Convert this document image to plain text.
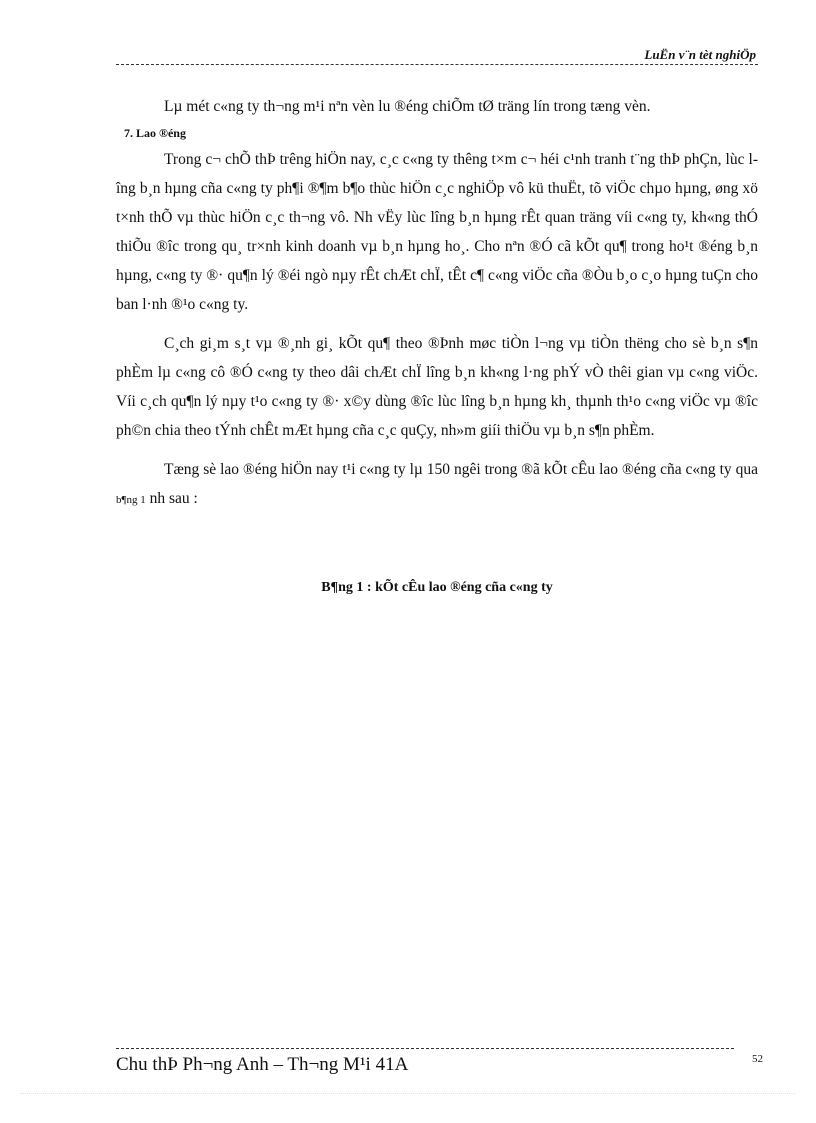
LuËn v¨n tèt nghiÖp

Lµ mét c«ng ty th¬ng m¹i nªn vèn lu ®éng chiÕm tØ träng lín trong tæng vèn.

7. Lao ®éng

Trong c¬ chÕ thÞ trêng hiÖn nay, c¸c c«ng ty thêng t×m c¬ héi c¹nh tranh t¨ng thÞ phÇn, lùc lîng b¸n hµng cña c«ng ty ph¶i ®¶m b¶o thùc hiÖn c¸c nghiÖp vô kü thuËt, tõ viÖc chµo hµng, øng xö t×nh thÕ vµ thùc hiÖn c¸c th¬ng vô. Nh vËy lùc lîng b¸n hµng rÊt quan träng víi c«ng ty, kh«ng thÓ thiÕu ®îc trong qu¸ tr×nh kinh doanh vµ b¸n hµng ho¸. Cho nªn ®Ó cã kÕt qu¶ trong ho¹t ®éng b¸n hµng, c«ng ty ®· qu¶n lý ®éi ngò nµy rÊt chÆt chÏ, tÊt c¶ c«ng viÖc cña ®Òu b¸o c¸o hµng tuÇn cho ban l·nh ®¹o c«ng ty.

C¸ch gi¸m s¸t vµ ®¸nh gi¸ kÕt qu¶ theo ®Þnh møc tiÒn l¬ng vµ tiÒn thëng cho sè b¸n s¶n phÈm lµ c«ng cô ®Ó c«ng ty theo dâi chÆt chÏ lîng b¸n kh«ng l·ng phÝ vÒ thêi gian vµ c«ng viÖc. Víi c¸ch qu¶n lý nµy t¹o c«ng ty ®· x©y dùng ®îc lùc lîng b¸n hµng kh¸ thµnh th¹o c«ng viÖc vµ ®îc ph©n chia theo tÝnh chÊt mÆt hµng cña c¸c quÇy, nh»m giíi thiÖu vµ b¸n s¶n phÈm.

Tæng sè lao ®éng hiÖn nay t¹i c«ng ty lµ 150 ngêi trong ®ã kÕt cÊu lao ®éng cña c«ng ty qua b¶ng 1 nh sau :

B¶ng 1 : kÕt cÊu lao ®éng cña c«ng ty

Chu thÞ Ph¬ng Anh – Th¬ng M¹i 41A	52
